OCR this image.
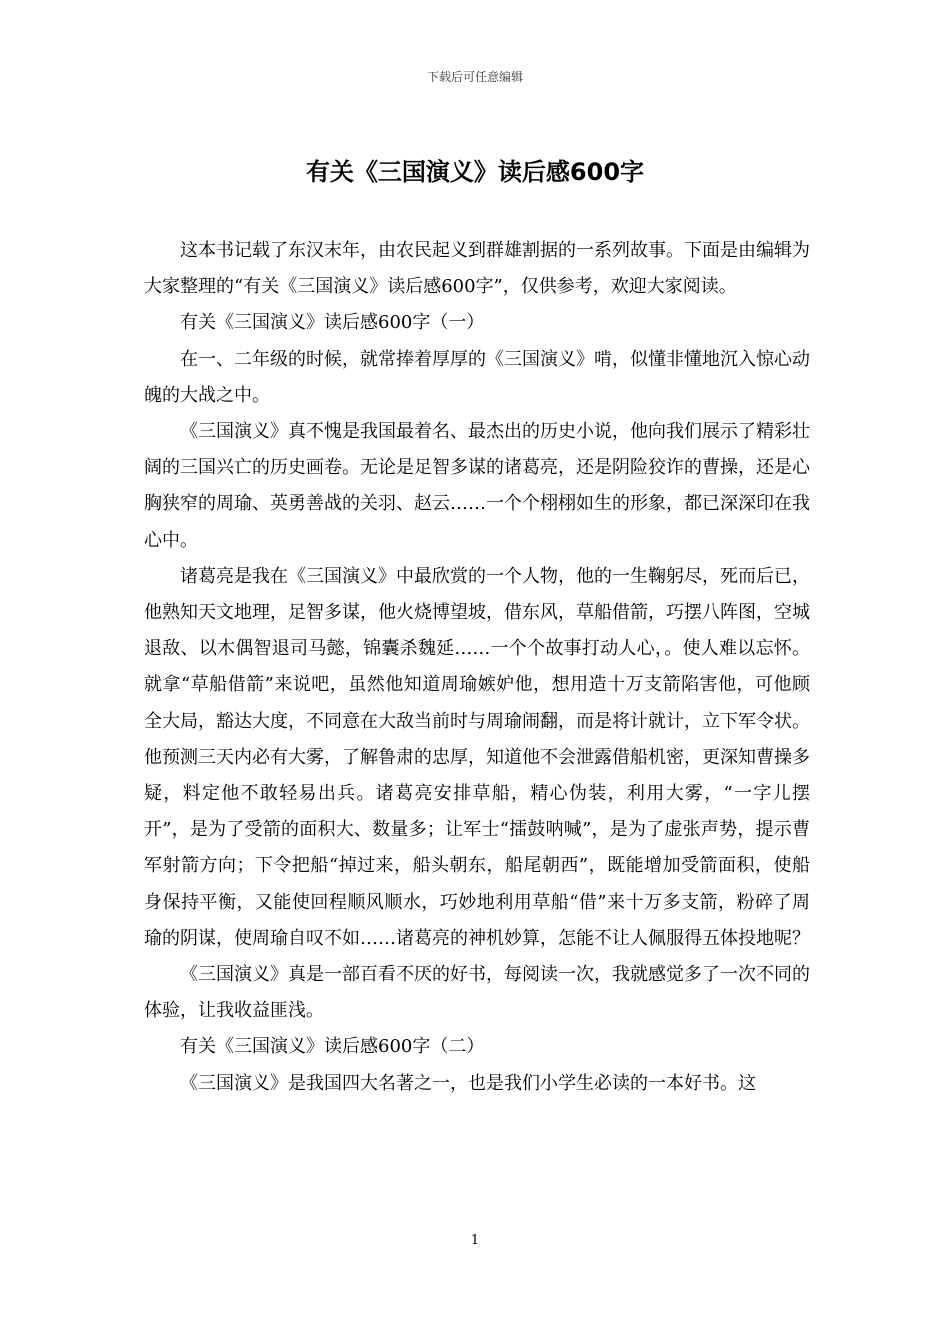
下载后可任意编辑
有关《三国演义》读后感600字

这本书记载了东汉末年，由农民起义到群雄割据的一系列故事。下面是由编辑为大家整理的“有关《三国演义》读后感600字”，仅供参考，欢迎大家阅读。

有关《三国演义》读后感600字（一）

在一、二年级的时候，就常捧着厚厚的《三国演义》啃，似懂非懂地沉入惊心动魄的大战之中。

《三国演义》真不愧是我国最着名、最杰出的历史小说，他向我们展示了精彩壮阔的三国兴亡的历史画卷。无论是足智多谋的诸葛亮，还是阴险狡诈的曹操，还是心胸狭窄的周瑜、英勇善战的关羽、赵云……一个个栩栩如生的形象，都已深深印在我心中。

诸葛亮是我在《三国演义》中最欣赏的一个人物，他的一生鞠躬尽，死而后已，他熟知天文地理，足智多谋，他火烧博望坡，借东风，草船借箭，巧摆八阵图，空城退敌、以木偶智退司马懿，锦囊杀魏延……一个个故事打动人心，。使人难以忘怀。就拿“草船借箭”来说吧，虽然他知道周瑜嫉妒他，想用造十万支箭陷害他，可他顾全大局，豁达大度，不同意在大敌当前时与周瑜闹翻，而是将计就计，立下军令状。他预测三天内必有大雾，了解鲁肃的忠厚，知道他不会泄露借船机密，更深知曹操多疑，料定他不敢轻易出兵。诸葛亮安排草船，精心伪装，利用大雾，“一字儿摆开”，是为了受箭的面积大、数量多；让军士“擂鼓呐喊”，是为了虚张声势，提示曹军射箭方向；下令把船“掉过来，船头朝东，船尾朝西”，既能增加受箭面积，使船身保持平衡，又能使回程顺风顺水，巧妙地利用草船“借”来十万多支箭，粉碎了周瑜的阴谋，使周瑜自叹不如……诸葛亮的神机妙算，怎能不让人佩服得五体投地呢？

《三国演义》真是一部百看不厌的好书，每阅读一次，我就感觉多了一次不同的体验，让我收益匪浅。

有关《三国演义》读后感600字（二）

《三国演义》是我国四大名著之一，也是我们小学生必读的一本好书。这

1
